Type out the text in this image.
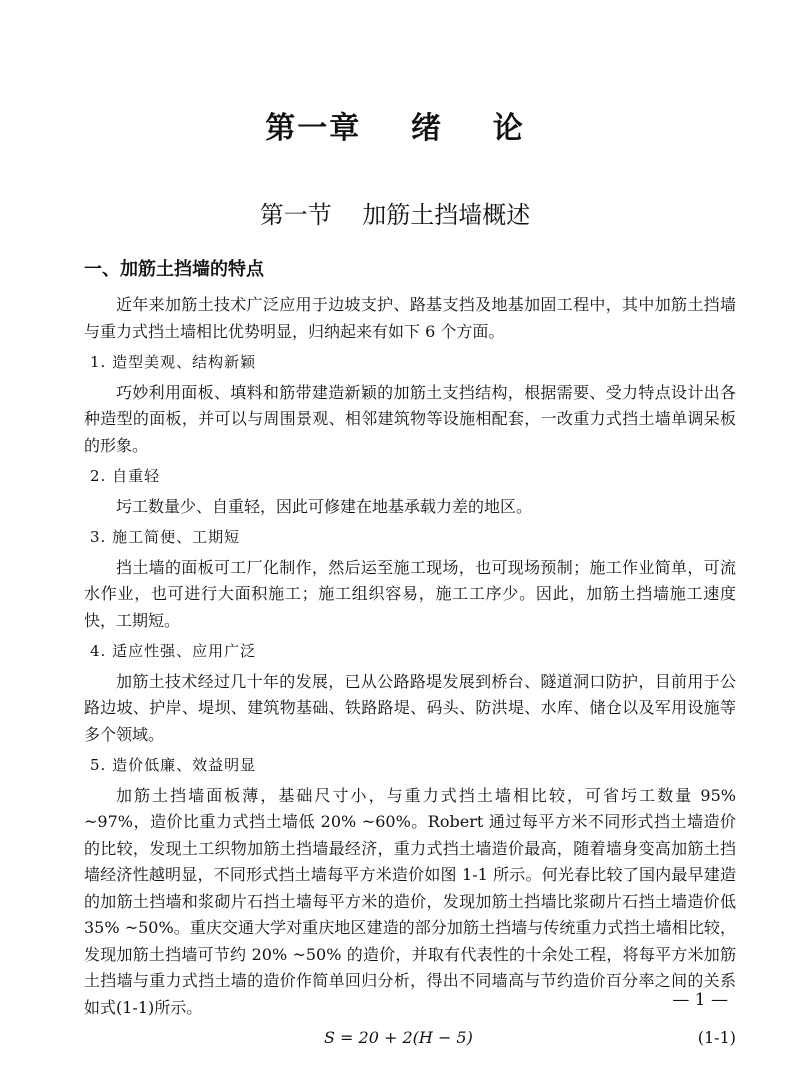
第一章    绪    论
第一节    加筋土挡墙概述
一、加筋土挡墙的特点

近年来加筋土技术广泛应用于边坡支护、路基支挡及地基加固工程中，其中加筋土挡墙与重力式挡土墙相比优势明显，归纳起来有如下 6 个方面。

1. 造型美观、结构新颖

巧妙利用面板、填料和筋带建造新颖的加筋土支挡结构，根据需要、受力特点设计出各种造型的面板，并可以与周围景观、相邻建筑物等设施相配套，一改重力式挡土墙单调呆板的形象。

2. 自重轻

圬工数量少、自重轻，因此可修建在地基承载力差的地区。

3. 施工简便、工期短

挡土墙的面板可工厂化制作，然后运至施工现场，也可现场预制；施工作业简单，可流水作业，也可进行大面积施工；施工组织容易，施工工序少。因此，加筋土挡墙施工速度快，工期短。

4. 适应性强、应用广泛

加筋土技术经过几十年的发展，已从公路路堤发展到桥台、隧道洞口防护，目前用于公路边坡、护岸、堤坝、建筑物基础、铁路路堤、码头、防洪堤、水库、储仓以及军用设施等多个领域。

5. 造价低廉、效益明显

加筋土挡墙面板薄，基础尺寸小，与重力式挡土墙相比较，可省圬工数量 95% ~97%，造价比重力式挡土墙低 20% ~60%。Robert 通过每平方米不同形式挡土墙造价的比较，发现土工织物加筋土挡墙最经济，重力式挡土墙造价最高，随着墙身变高加筋土挡墙经济性越明显，不同形式挡土墙每平方米造价如图 1-1 所示。何光春比较了国内最早建造的加筋土挡墙和浆砌片石挡土墙每平方米的造价，发现加筋土挡墙比浆砌片石挡土墙造价低 35% ~50%。重庆交通大学对重庆地区建造的部分加筋土挡墙与传统重力式挡土墙相比较，发现加筋土挡墙可节约 20% ~50% 的造价，并取有代表性的十余处工程，将每平方米加筋土挡墙与重力式挡土墙的造价作简单回归分析，得出不同墙高与节约造价百分率之间的关系如式(1-1)所示。

S = 20 + 2(H − 5)	(1-1)
— 1 —
